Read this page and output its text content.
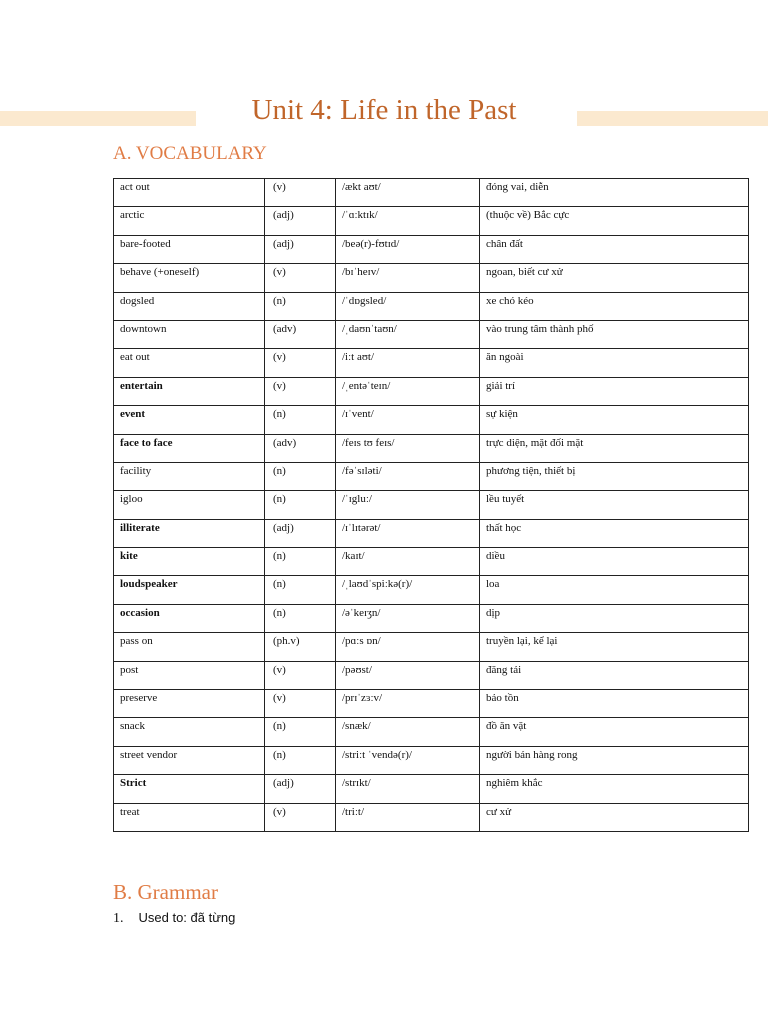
Unit 4: Life in the Past
A. VOCABULARY
act out	(v)	/ækt aʊt/	đóng vai, diễn
arctic	(adj)	/ˈɑːktɪk/	(thuộc về) Bắc cực
bare-footed	(adj)	/beə(r)-fʊtɪd/	chân đất
behave (+oneself)	(v)	/bɪˈheɪv/	ngoan, biết cư xử
dogsled	(n)	/ˈdɒgsled/	xe chó kéo
downtown	(adv)	/ˌdaʊnˈtaʊn/	vào trung tâm thành phố
eat out	(v)	/iːt aʊt/	ăn ngoài
entertain	(v)	/ˌentəˈteɪn/	giải trí
event	(n)	/ɪˈvent/	sự kiện
face to face	(adv)	/feɪs tʊ feɪs/	trực diện, mặt đối mặt
facility	(n)	/fəˈsɪləti/	phương tiện, thiết bị
igloo	(n)	/ˈɪgluː/	lều tuyết
illiterate	(adj)	/ɪˈlɪtərət/	thất học
kite	(n)	/kaɪt/	diều
loudspeaker	(n)	/ˌlaʊdˈspiːkə(r)/	loa
occasion	(n)	/əˈkeɪʒn/	dịp
pass on	(ph.v)	/pɑːs ɒn/	truyền lại, kể lại
post	(v)	/pəʊst/	đăng tải
preserve	(v)	/prɪˈzɜːv/	bảo tồn
snack	(n)	/snæk/	đồ ăn vặt
street vendor	(n)	/striːt ˈvendə(r)/	người bán hàng rong
Strict	(adj)	/strɪkt/	nghiêm khắc
treat	(v)	/triːt/	cư xử
B. Grammar
1. Used to: đã từng
